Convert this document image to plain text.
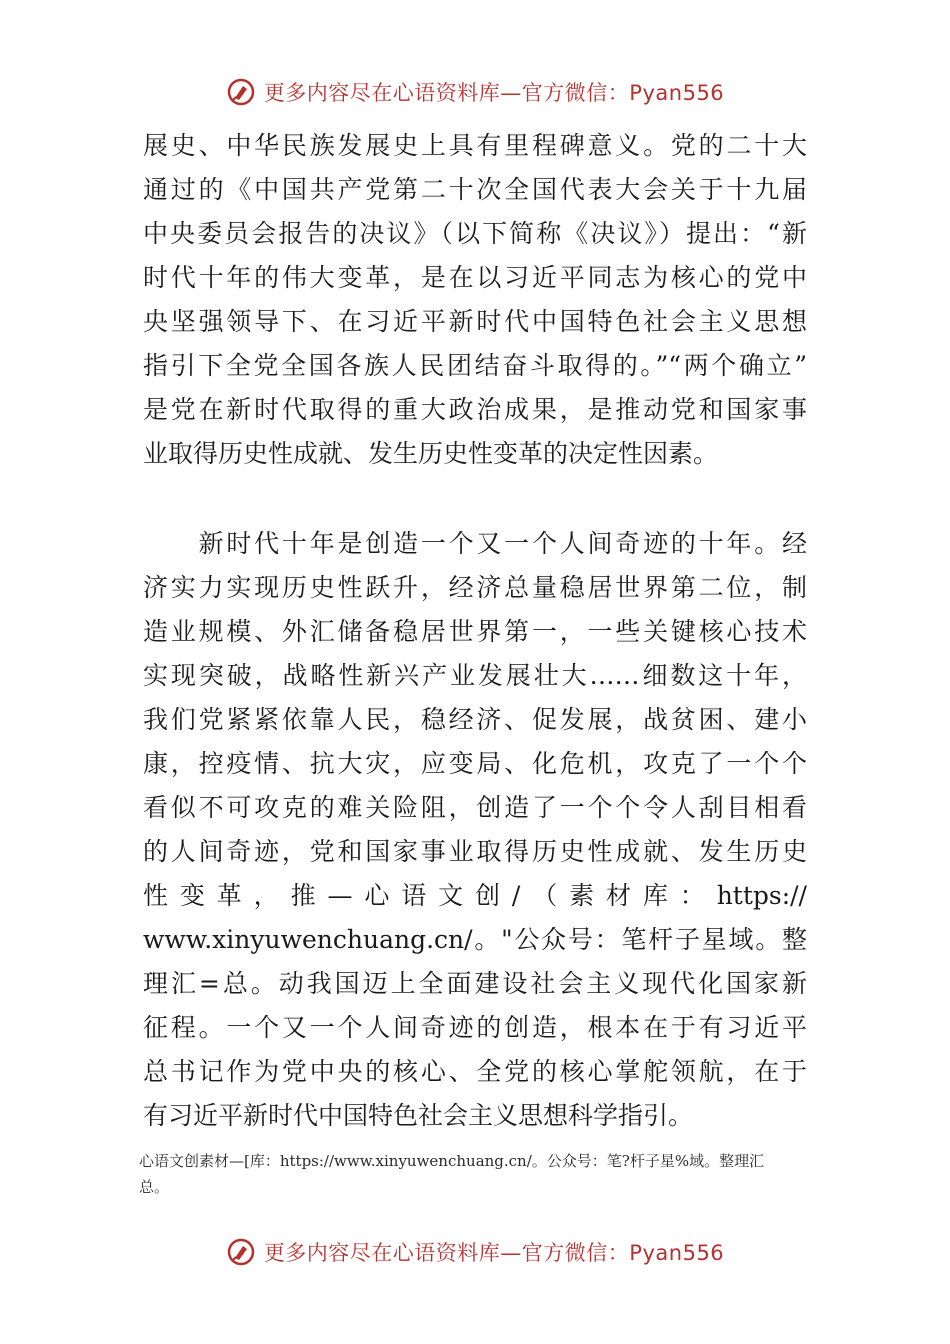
更多内容尽在心语资料库—官方微信：Pyan556
展史、中华民族发展史上具有里程碑意义。党的二十大
通过的《中国共产党第二十次全国代表大会关于十九届
中央委员会报告的决议》（以下简称《决议》）提出：“新
时代十年的伟大变革，是在以习近平同志为核心的党中
央坚强领导下、在习近平新时代中国特色社会主义思想
指引下全党全国各族人民团结奋斗取得的。”“两个确立”
是党在新时代取得的重大政治成果，是推动党和国家事
业取得历史性成就、发生历史性变革的决定性因素。
　　新时代十年是创造一个又一个人间奇迹的十年。经
济实力实现历史性跃升，经济总量稳居世界第二位，制
造业规模、外汇储备稳居世界第一，一些关键核心技术
实现突破，战略性新兴产业发展壮大……细数这十年，
我们党紧紧依靠人民，稳经济、促发展，战贫困、建小
康，控疫情、抗大灾，应变局、化危机，攻克了一个个
看似不可攻克的难关险阻，创造了一个个令人刮目相看
的人间奇迹，党和国家事业取得历史性成就、发生历史
性变革，推—心语文创/（素材库：https://
www.xinyuwenchuang.cn/。"公众号：笔杆子星域。整
理汇=总。动我国迈上全面建设社会主义现代化国家新
征程。一个又一个人间奇迹的创造，根本在于有习近平
总书记作为党中央的核心、全党的核心掌舵领航，在于
有习近平新时代中国特色社会主义思想科学指引。
心语文创素材—[库：https://www.xinyuwenchuang.cn/。公众号：笔?杆子星%域。整理汇
总。
更多内容尽在心语资料库—官方微信：Pyan556
